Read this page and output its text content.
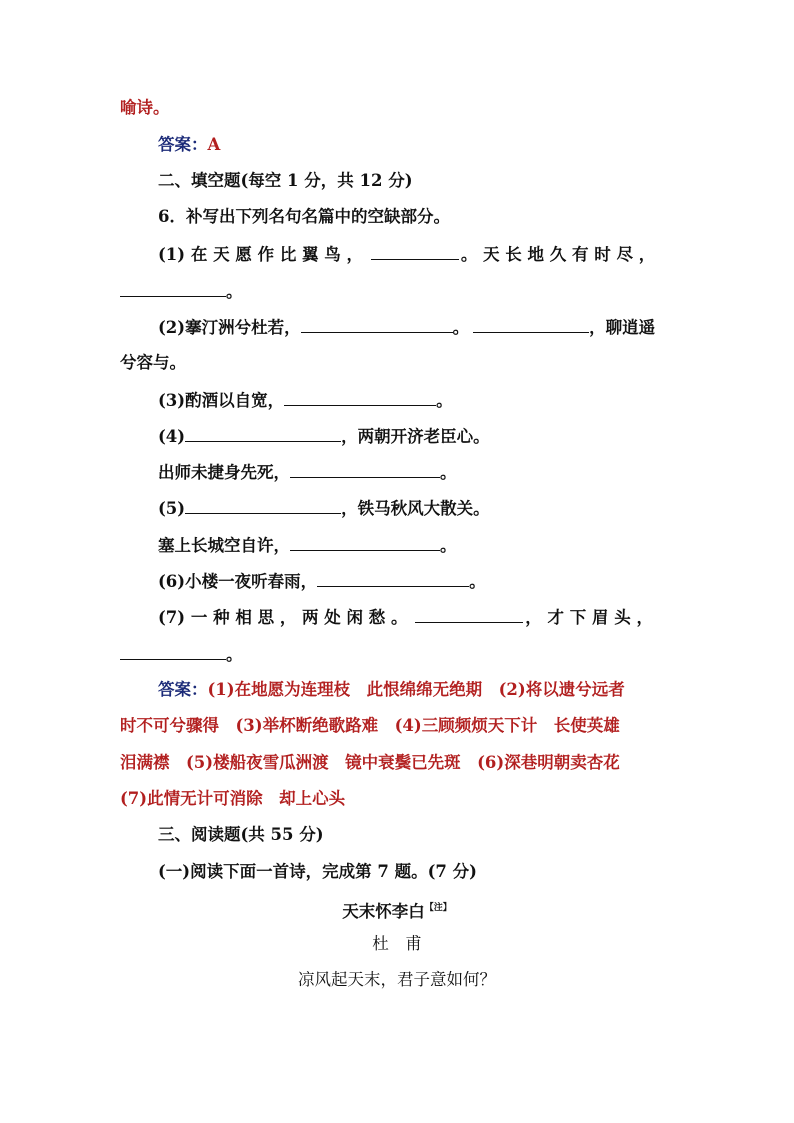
喻诗。
答案：A
二、填空题(每空 1 分，共 12 分)
6．补写出下列名句名篇中的空缺部分。
(1) 在 天 愿 作 比 翼 鸟 ，	。 天 长 地 久 有 时 尽 ，
。
(2)搴汀洲兮杜若，	。	，聊逍遥
兮容与。
(3)酌酒以自宽，	。
(4)	，两朝开济老臣心。
出师未捷身先死，	。
(5)	，铁马秋风大散关。
塞上长城空自许，	。
(6)小楼一夜听春雨，	。
(7) 一 种 相 思 ， 两 处 闲 愁 。	， 才 下 眉 头 ，
。
答案：(1)在地愿为连理枝　此恨绵绵无绝期　(2)将以遗兮远者
时不可兮骤得　(3)举杯断绝歌路难　(4)三顾频烦天下计　长使英雄
泪满襟　(5)楼船夜雪瓜洲渡　镜中衰鬓已先斑　(6)深巷明朝卖杏花
(7)此情无计可消除　却上心头
三、阅读题(共 55 分)
(一)阅读下面一首诗，完成第 7 题。(7 分)
天末怀李白$^{【注】}$
杜　甫
凉风起天末，君子意如何？
